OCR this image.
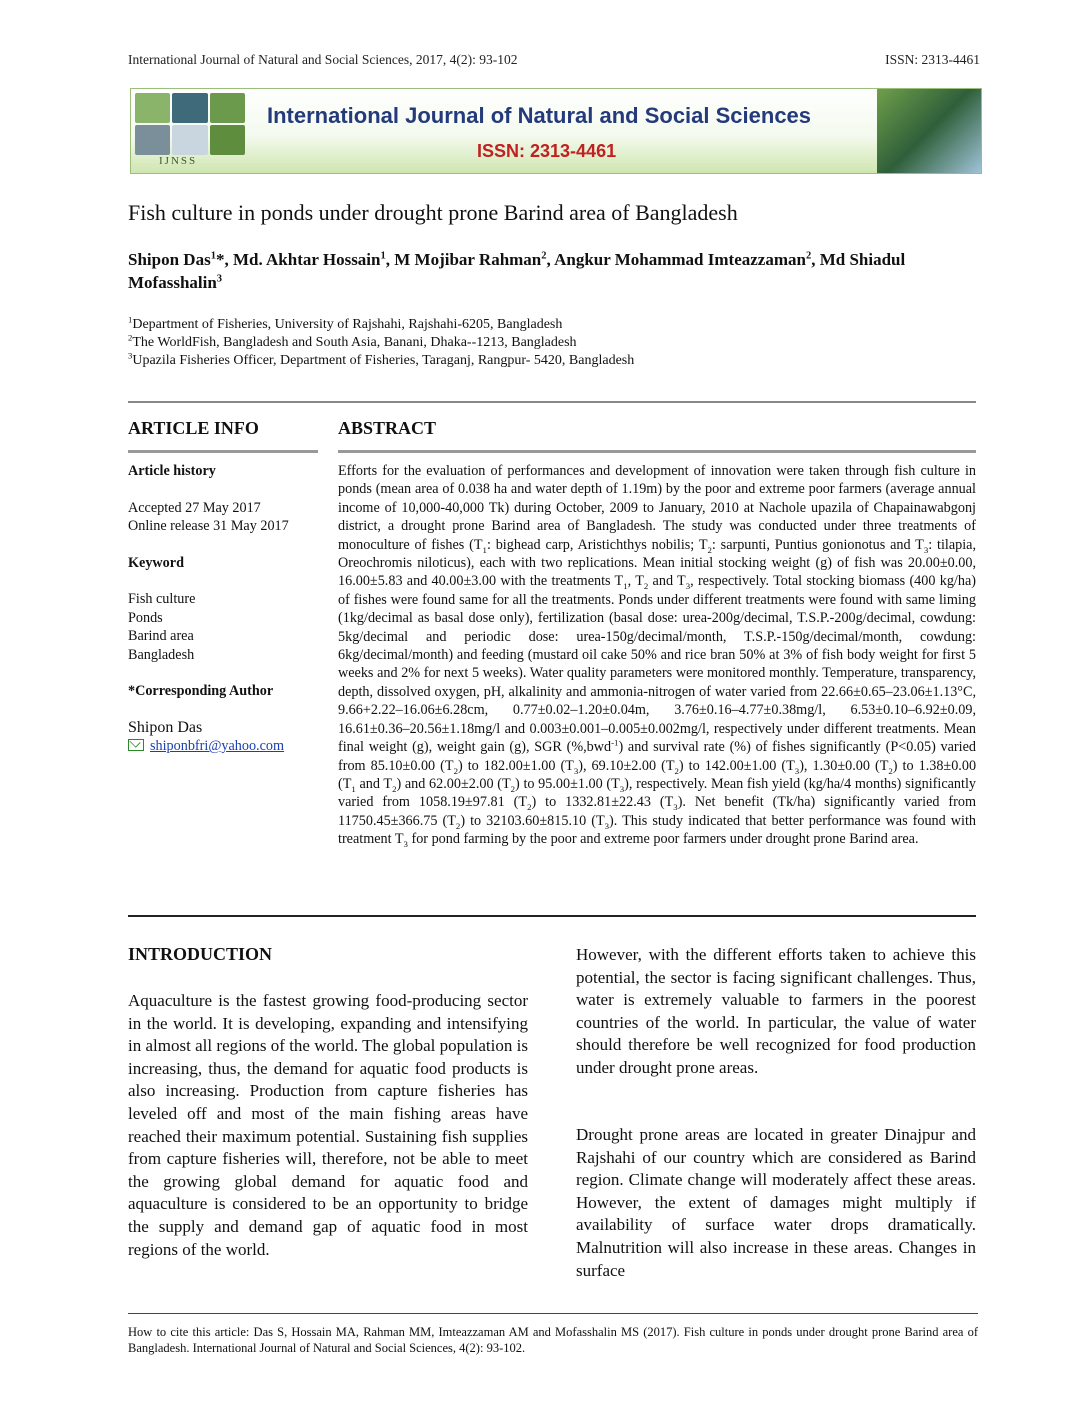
International Journal of Natural and Social Sciences, 2017, 4(2): 93-102	ISSN: 2313-4461
IJNSS
International Journal of Natural and Social Sciences
ISSN: 2313-4461
Fish culture in ponds under drought prone Barind area of Bangladesh
Shipon Das$^1$*, Md. Akhtar Hossain$^1$, M Mojibar Rahman$^2$, Angkur Mohammad Imteazzaman$^2$, Md Shiadul Mofasshalin$^3$
$^1$Department of Fisheries, University of Rajshahi, Rajshahi-6205, Bangladesh
$^2$The WorldFish, Bangladesh and South Asia, Banani, Dhaka--1213, Bangladesh
$^3$Upazila Fisheries Officer, Department of Fisheries, Taraganj, Rangpur- 5420, Bangladesh
ARTICLE INFO	ABSTRACT
Article history
Accepted 27 May 2017
Online release 31 May 2017
Keyword
Fish culture
Ponds
Barind area
Bangladesh
*Corresponding Author
Shipon Das
shiponbfri@yahoo.com
Efforts for the evaluation of performances and development of innovation were taken through fish culture in ponds (mean area of 0.038 ha and water depth of 1.19m) by the poor and extreme poor farmers (average annual income of 10,000-40,000 Tk) during October, 2009 to January, 2010 at Nachole upazila of Chapainawabgonj district, a drought prone Barind area of Bangladesh. The study was conducted under three treatments of monoculture of fishes ($T_1$: bighead carp, Aristichthys nobilis; $T_2$: sarpunti, Puntius gonionotus and $T_3$: tilapia, Oreochromis niloticus), each with two replications. Mean initial stocking weight (g) of fish was 20.00±0.00, 16.00±5.83 and 40.00±3.00 with the treatments $T_1$, $T_2$ and $T_3$, respectively. Total stocking biomass (400 kg/ha) of fishes were found same for all the treatments. Ponds under different treatments were found with same liming (1kg/decimal as basal dose only), fertilization (basal dose: urea-200g/decimal, T.S.P.-200g/decimal, cowdung: 5kg/decimal and periodic dose: urea-150g/decimal/month, T.S.P.-150g/decimal/month, cowdung: 6kg/decimal/month) and feeding (mustard oil cake 50% and rice bran 50% at 3% of fish body weight for first 5 weeks and 2% for next 5 weeks). Water quality parameters were monitored monthly. Temperature, transparency, depth, dissolved oxygen, pH, alkalinity and ammonia-nitrogen of water varied from 22.66±0.65–23.06±1.13°C, 9.66+2.22–16.06±6.28cm, 0.77±0.02–1.20±0.04m, 3.76±0.16–4.77±0.38mg/l, 6.53±0.10–6.92±0.09, 16.61±0.36–20.56±1.18mg/l and 0.003±0.001–0.005±0.002mg/l, respectively under different treatments. Mean final weight (g), weight gain (g), SGR (%,bwd$^{-1}$) and survival rate (%) of fishes significantly (P<0.05) varied from 85.10±0.00 $(T_2)$ to 182.00±1.00 $(T_3)$, 69.10±2.00 $(T_2)$ to 142.00±1.00 $(T_3)$, 1.30±0.00 $(T_2)$ to 1.38±0.00 ($T_1$ and $T_2$) and 62.00±2.00 $(T_2)$ to 95.00±1.00 $(T_3)$, respectively. Mean fish yield (kg/ha/4 months) significantly varied from 1058.19±97.81 $(T_2)$ to 1332.81±22.43 $(T_3)$. Net benefit (Tk/ha) significantly varied from 11750.45±366.75 $(T_2)$ to 32103.60±815.10 $(T_3)$. This study indicated that better performance was found with treatment $T_3$ for pond farming by the poor and extreme poor farmers under drought prone Barind area.
INTRODUCTION
Aquaculture is the fastest growing food-producing sector in the world. It is developing, expanding and intensifying in almost all regions of the world. The global population is increasing, thus, the demand for aquatic food products is also increasing. Production from capture fisheries has leveled off and most of the main fishing areas have reached their maximum potential. Sustaining fish supplies from capture fisheries will, therefore, not be able to meet the growing global demand for aquatic food and aquaculture is considered to be an opportunity to bridge the supply and demand gap of aquatic food in most regions of the world.
However, with the different efforts taken to achieve this potential, the sector is facing significant challenges. Thus, water is extremely valuable to farmers in the poorest countries of the world. In particular, the value of water should therefore be well recognized for food production under drought prone areas.
Drought prone areas are located in greater Dinajpur and Rajshahi of our country which are considered as Barind region. Climate change will moderately affect these areas. However, the extent of damages might multiply if availability of surface water drops dramatically. Malnutrition will also increase in these areas. Changes in surface
How to cite this article: Das S, Hossain MA, Rahman MM, Imteazzaman AM and Mofasshalin MS (2017). Fish culture in ponds under drought prone Barind area of Bangladesh. International Journal of Natural and Social Sciences, 4(2): 93-102.
